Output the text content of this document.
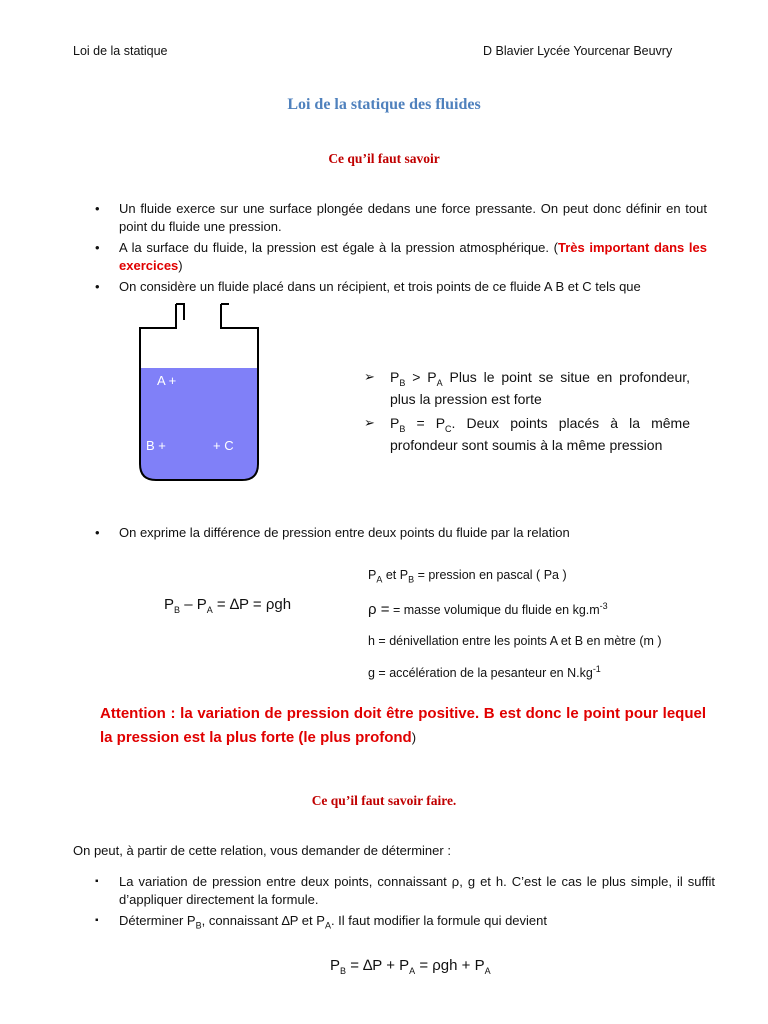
Loi de la statique	D Blavier Lycée Yourcenar Beuvry
Loi de la statique des fluides
Ce qu’il faut savoir
• Un fluide exerce sur une surface plongée dedans une force pressante. On peut donc définir en tout point du fluide une pression.
• A la surface du fluide, la pression est égale à la pression atmosphérique. (Très important dans les exercices)
• On considère un fluide placé dans un récipient, et trois points de ce fluide A B et C tels que
A +
B +	+ C
➢ $P_B > P_A$ Plus le point se situe en profondeur, plus la pression est forte
➢ $P_B = P_C$. Deux points placés à la même profondeur sont soumis à la même pression
• On exprime la différence de pression entre deux points du fluide par la relation
$P_B - P_A = \Delta P = \rho gh$
$P_A$ et $P_B$ = pression en pascal ( Pa )
ρ = = masse volumique du fluide en $kg.m^{-3}$
h = dénivellation entre les points A et B en mètre (m )
g = accélération de la pesanteur en $N.kg^{-1}$
Attention : la variation de pression doit être positive. B est donc le point pour lequel la pression est la plus forte (le plus profond)
Ce qu’il faut savoir faire.
On peut, à partir de cette relation, vous demander de déterminer :
▪ La variation de pression entre deux points, connaissant ρ, g et h. C’est le cas le plus simple, il suffit d’appliquer directement la formule.
▪ Déterminer $P_B$, connaissant ∆P et $P_A$. Il faut modifier la formule qui devient
$P_B = \Delta P + P_A = \rho gh + P_A$
